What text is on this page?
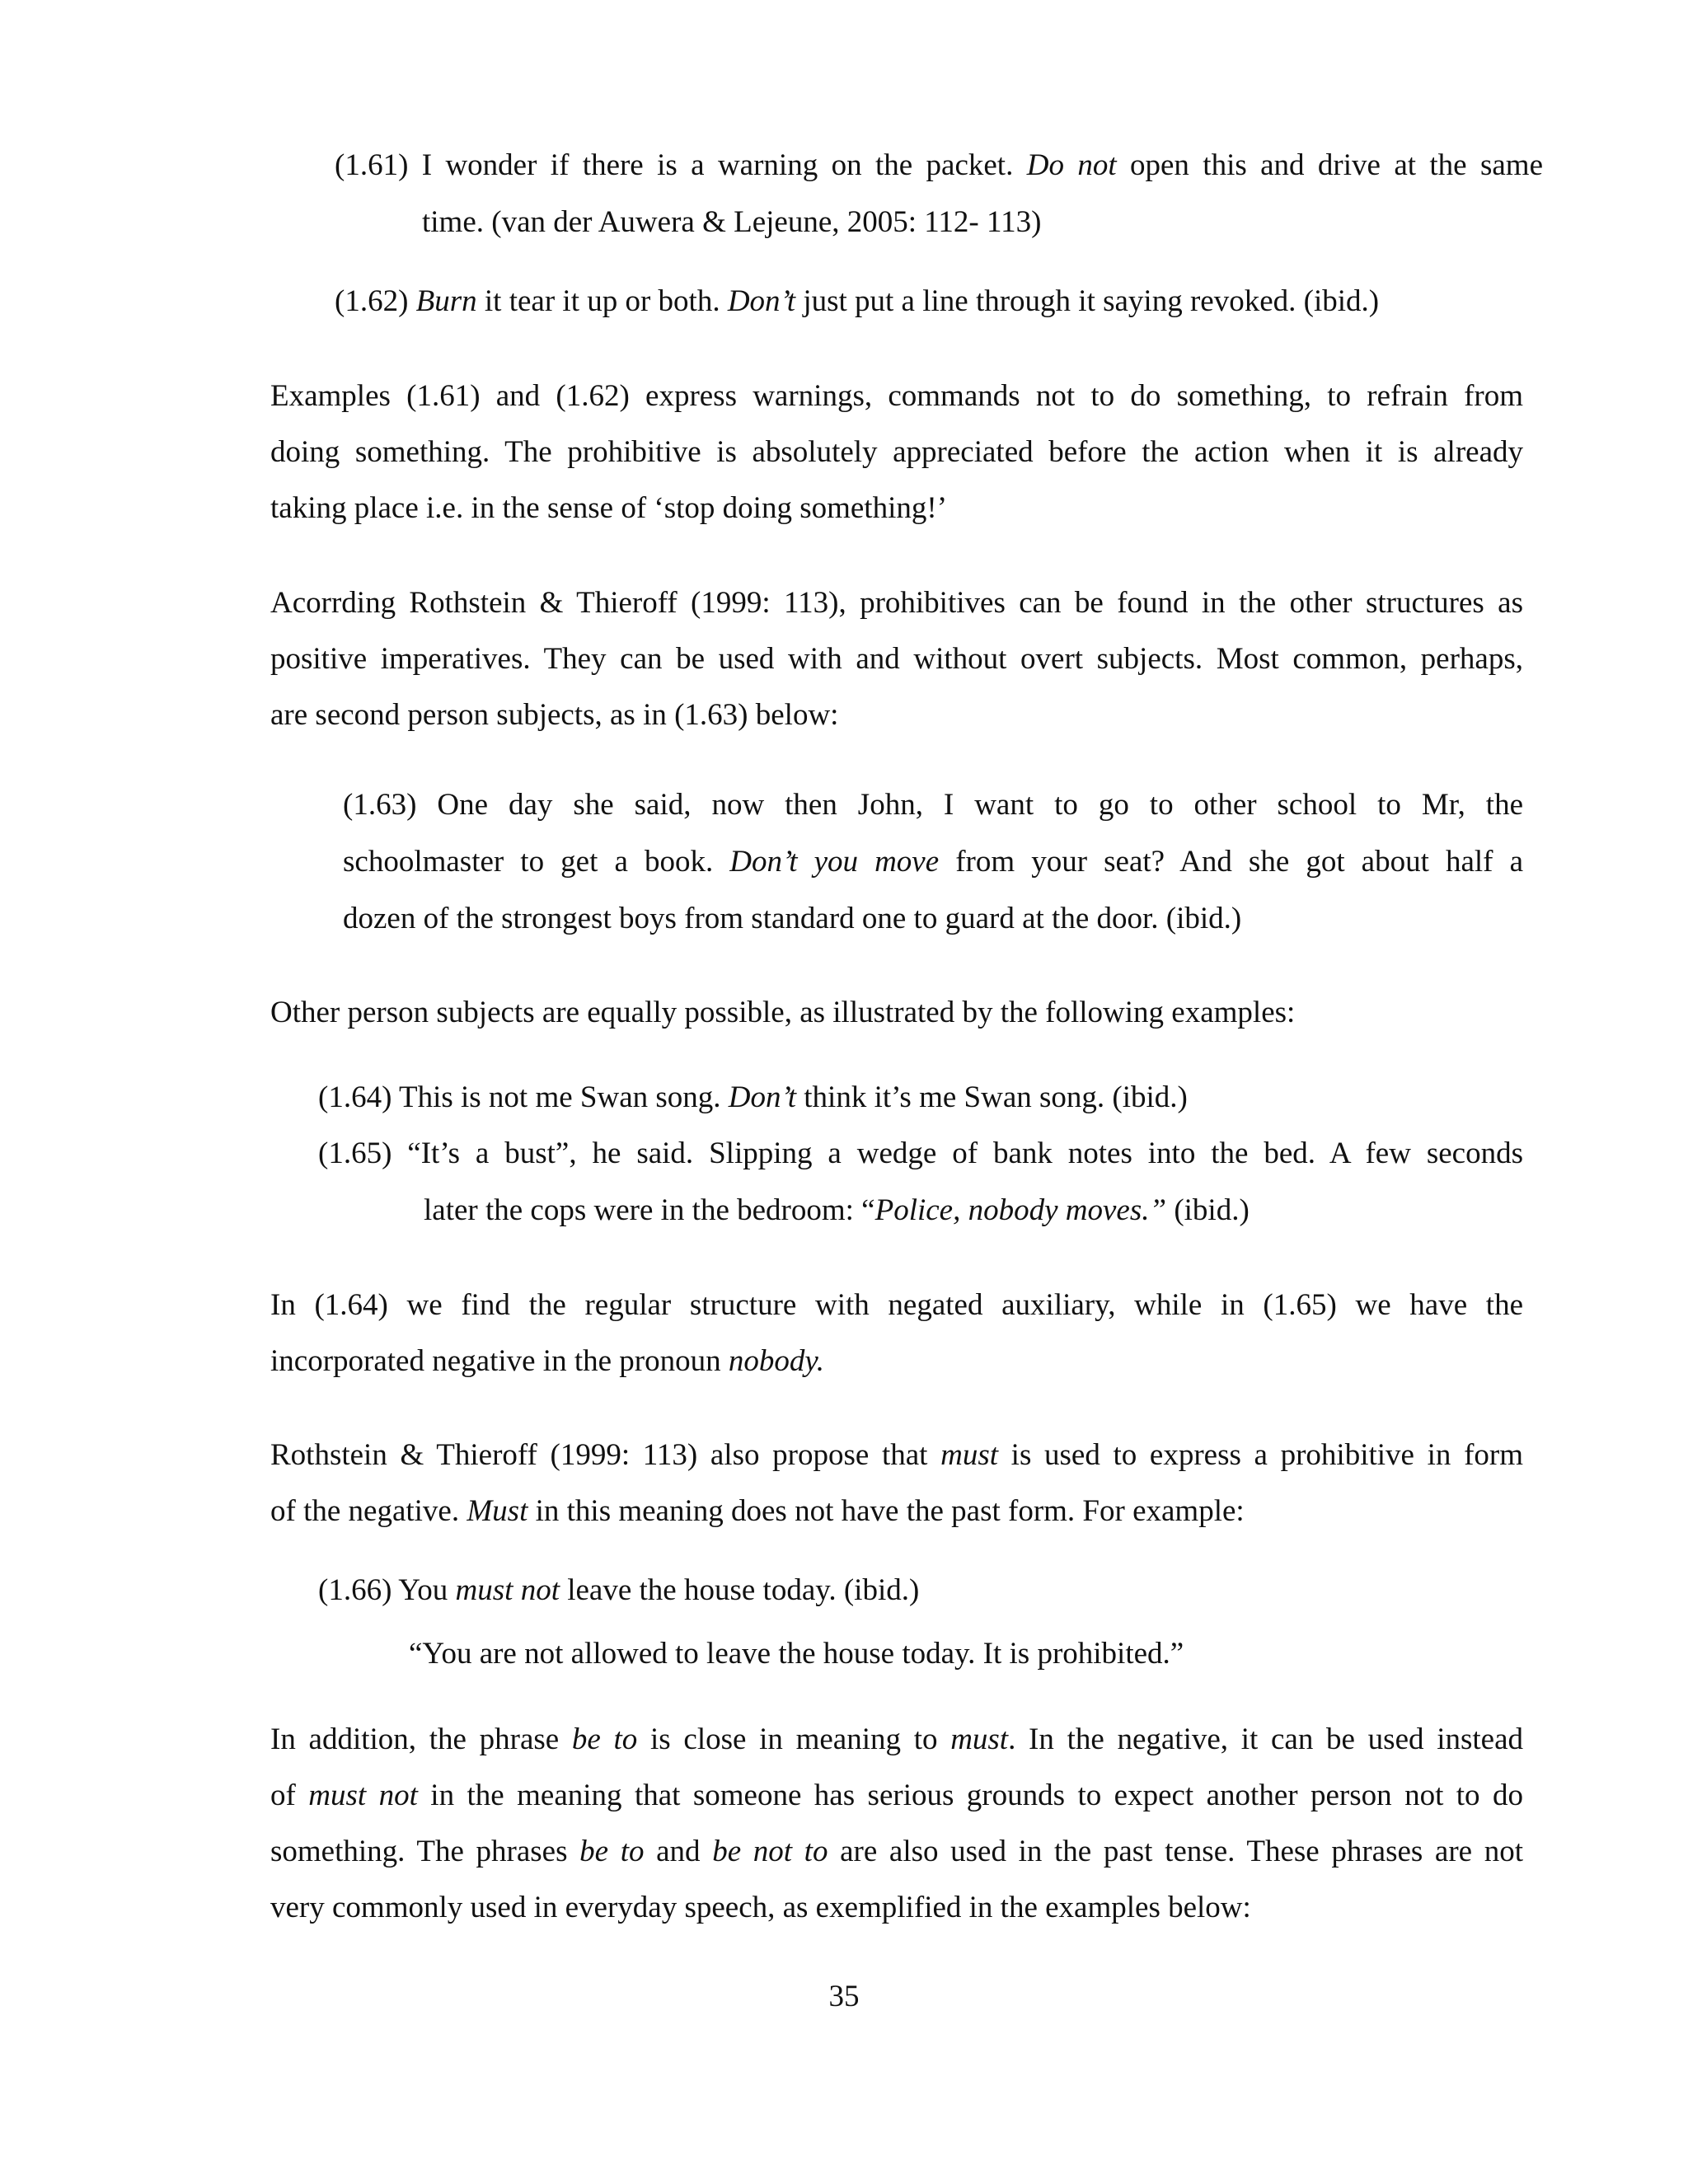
(1.61) I wonder if there is a warning on the packet. Do not open this and drive at the same
time. (van der Auwera & Lejeune, 2005: 112- 113)
(1.62) Burn it tear it up or both. Don’t just put a line through it saying revoked. (ibid.)
Examples (1.61) and (1.62) express warnings, commands not to do something, to refrain from
doing something. The prohibitive is absolutely appreciated before the action when it is already
taking place i.e. in the sense of ‘stop doing something!’
Acorrding Rothstein & Thieroff (1999: 113), prohibitives can be found in the other structures as
positive imperatives. They can be used with and without overt subjects. Most common, perhaps,
are second person subjects, as in (1.63) below:
(1.63) One day she said, now then John, I want to go to other school to Mr, the
schoolmaster to get a book. Don’t you move from your seat? And she got about half a
dozen of the strongest boys from standard one to guard at the door. (ibid.)
Other person subjects are equally possible, as illustrated by the following examples:
(1.64) This is not me Swan song. Don’t think it’s me Swan song. (ibid.)
(1.65) “It’s a bust”, he said. Slipping a wedge of bank notes into the bed. A few seconds
later the cops were in the bedroom: “Police, nobody moves.” (ibid.)
In (1.64) we find the regular structure with negated auxiliary, while in (1.65) we have the
incorporated negative in the pronoun nobody.
Rothstein & Thieroff (1999: 113) also propose that must is used to express a prohibitive in form
of the negative. Must in this meaning does not have the past form. For example:
(1.66) You must not leave the house today. (ibid.)
“You are not allowed to leave the house today. It is prohibited.”
In addition, the phrase be to is close in meaning to must. In the negative, it can be used instead
of must not in the meaning that someone has serious grounds to expect another person not to do
something. The phrases be to and be not to are also used in the past tense. These phrases are not
very commonly used in everyday speech, as exemplified in the examples below:
35
